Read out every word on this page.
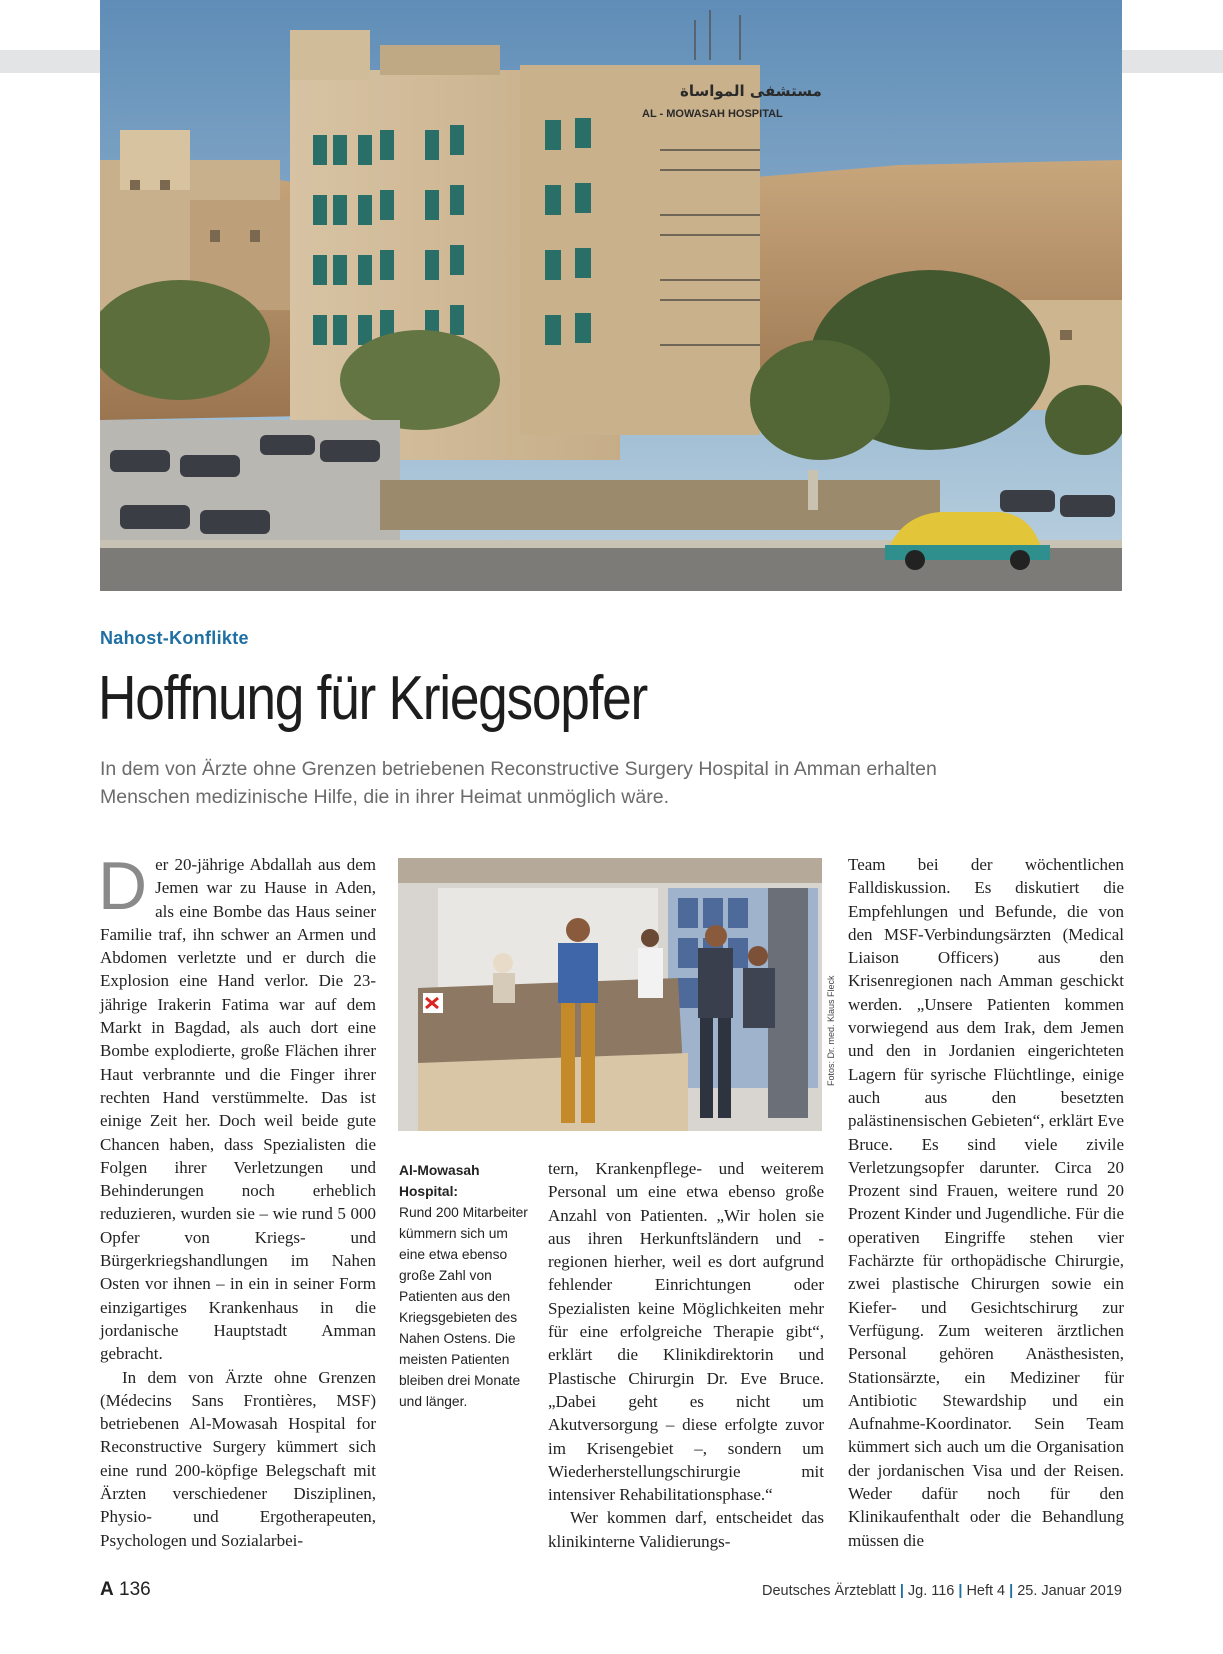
مستشفى المواساة
AL - MOWASAH HOSPITAL
Nahost-Konflikte
Hoffnung für Kriegsopfer
In dem von Ärzte ohne Grenzen betriebenen Reconstructive Surgery Hospital in Amman erhalten Menschen medizinische Hilfe, die in ihrer Heimat unmöglich wäre.

Der 20-jährige Abdallah aus dem Jemen war zu Hause in Aden, als eine Bombe das Haus seiner Familie traf, ihn schwer an Armen und Abdomen verletzte und er durch die Explosion eine Hand verlor. Die 23-jährige Irakerin Fatima war auf dem Markt in Bagdad, als auch dort eine Bombe explodierte, große Flächen ihrer Haut verbrannte und die Finger ihrer rechten Hand verstümmelte. Das ist einige Zeit her. Doch weil beide gute Chancen haben, dass Spezialisten die Folgen ihrer Verletzungen und Behinderungen noch erheblich reduzieren, wurden sie – wie rund 5 000 Opfer von Kriegs- und Bürgerkriegshandlungen im Nahen Osten vor ihnen – in ein in seiner Form einzigartiges Krankenhaus in die jordanische Hauptstadt Amman gebracht.

In dem von Ärzte ohne Grenzen (Médecins Sans Frontières, MSF) betriebenen Al-Mowasah Hospital for Reconstructive Surgery kümmert sich eine rund 200-köpfige Belegschaft mit Ärzten verschiedener Disziplinen, Physio- und Ergotherapeuten, Psychologen und Sozialarbei-

Fotos: Dr. med. Klaus Fleck
Al-Mowasah Hospital:
Rund 200 Mitarbeiter kümmern sich um eine etwa ebenso große Zahl von Patienten aus den Kriegsgebieten des Nahen Ostens. Die meisten Patienten bleiben drei Monate und länger.

tern, Krankenpflege- und weiterem Personal um eine etwa ebenso große Anzahl von Patienten. „Wir holen sie aus ihren Herkunftsländern und -regionen hierher, weil es dort aufgrund fehlender Einrichtungen oder Spezialisten keine Möglichkeiten mehr für eine erfolgreiche Therapie gibt“, erklärt die Klinikdirektorin und Plastische Chirurgin Dr. Eve Bruce. „Dabei geht es nicht um Akutversorgung – diese erfolgte zuvor im Krisengebiet –, sondern um Wiederherstellungschirurgie mit intensiver Rehabilitationsphase.“

Wer kommen darf, entscheidet das klinikinterne Validierungs-

Team bei der wöchentlichen Falldiskussion. Es diskutiert die Empfehlungen und Befunde, die von den MSF-Verbindungsärzten (Medical Liaison Officers) aus den Krisenregionen nach Amman geschickt werden. „Unsere Patienten kommen vorwiegend aus dem Irak, dem Jemen und den in Jordanien eingerichteten Lagern für syrische Flüchtlinge, einige auch aus den besetzten palästinensischen Gebieten“, erklärt Eve Bruce. Es sind viele zivile Verletzungsopfer darunter. Circa 20 Prozent sind Frauen, weitere rund 20 Prozent Kinder und Jugendliche. Für die operativen Eingriffe stehen vier Fachärzte für orthopädische Chirurgie, zwei plastische Chirurgen sowie ein Kiefer- und Gesichtschirurg zur Verfügung. Zum weiteren ärztlichen Personal gehören Anästhesisten, Stationsärzte, ein Mediziner für Antibiotic Stewardship und ein Aufnahme-Koordinator. Sein Team kümmert sich auch um die Organisation der jordanischen Visa und der Reisen. Weder dafür noch für den Klinikaufenthalt oder die Behandlung müssen die

A 136	Deutsches Ärzteblatt | Jg. 116 | Heft 4 | 25. Januar 2019
